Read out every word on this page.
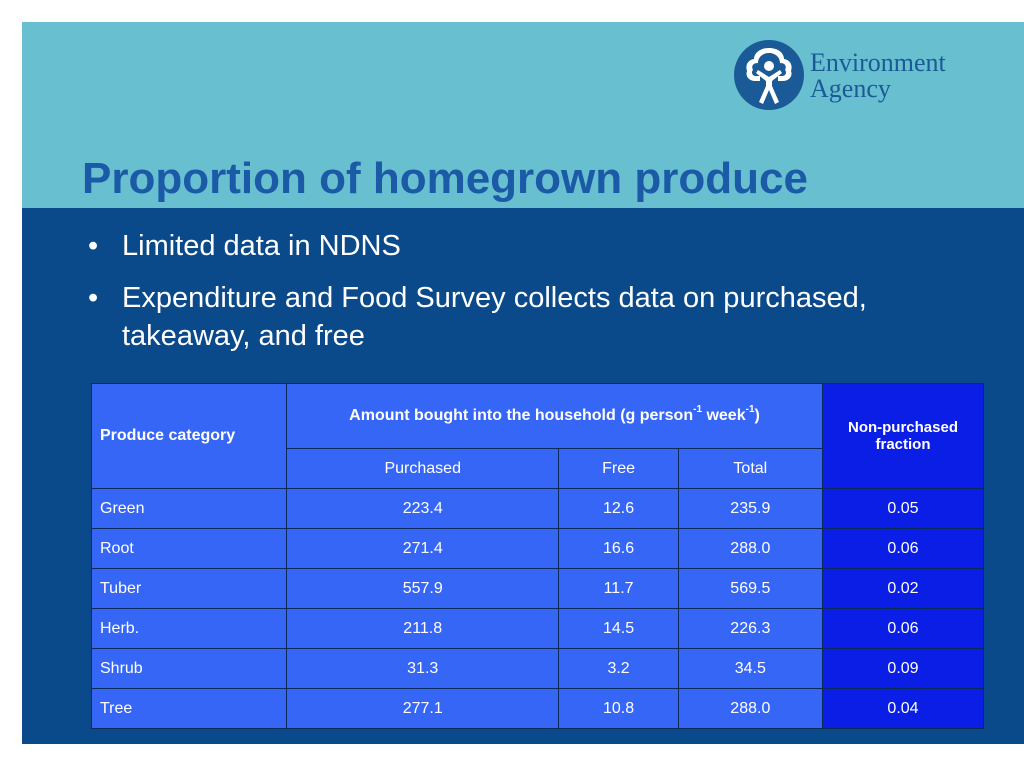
Environment
Agency
Proportion of homegrown produce
• Limited data in NDNS
• Expenditure and Food Survey collects data on purchased, takeaway, and free
Produce category	Amount bought into the household (g person$^{-1}$ week$^{-1}$)			Non-purchased fraction
	Purchased	Free	Total	
Green	223.4	12.6	235.9	0.05
Root	271.4	16.6	288.0	0.06
Tuber	557.9	11.7	569.5	0.02
Herb.	211.8	14.5	226.3	0.06
Shrub	31.3	3.2	34.5	0.09
Tree	277.1	10.8	288.0	0.04
